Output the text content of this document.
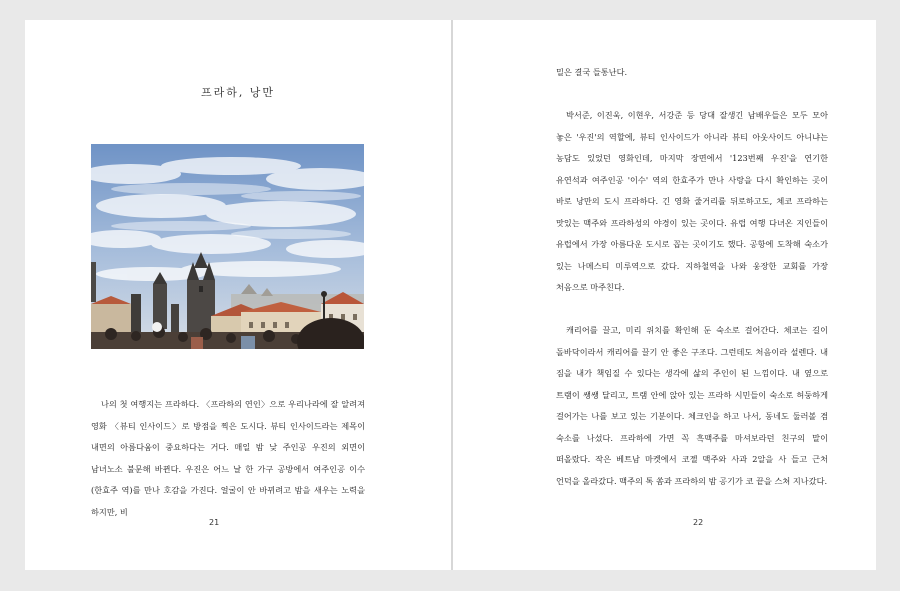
프라하, 낭만

나의 첫 여행지는 프라하다. 〈프라하의 연인〉으로 우리나라에 잘 알려져 영화 〈뷰티 인사이드〉로 방점을 찍은 도시다. 뷰티 인사이드라는 제목이 내면의 아름다움이 중요하다는 거다. 매일 밤 낮 주인공 우진의 외면이 남녀노소 불문해 바뀐다. 우진은 어느 날 한 가구 공방에서 여주인공 이수(한효주 역)를 만나 호감을 가진다. 얼굴이 안 바뀌려고 밤을 새우는 노력을 하지만, 비

21

밀은 결국 들통난다.

박서준, 이진욱, 이현우, 서강준 등 당대 잘생긴 남배우들은 모두 모아 놓은 '우진'의 역할에, 뷰티 인사이드가 아니라 뷰티 아웃사이드 아니냐는 농담도 있었던 영화인데, 마지막 장면에서 '123번째 우진'을 연기한 유연석과 여주인공 '이수' 역의 한효주가 만나 사랑을 다시 확인하는 곳이 바로 낭만의 도시 프라하다. 긴 영화 줄거리를 뒤로하고도, 체코 프라하는 맛있는 맥주와 프라하성의 야경이 있는 곳이다. 유럽 여행 다녀온 지인들이 유럽에서 가장 아름다운 도시로 꼽는 곳이기도 했다. 공항에 도착해 숙소가 있는 나메스티 미루역으로 갔다. 지하철역을 나와 웅장한 교회를 가장 처음으로 마주친다.

캐리어를 끌고, 미리 위치를 확인해 둔 숙소로 걸어간다. 체코는 길이 돌바닥이라서 캐리어를 끌기 안 좋은 구조다. 그런데도 처음이라 설렌다. 내 짐을 내가 책임질 수 있다는 생각에 삶의 주인이 된 느낌이다. 내 옆으로 트램이 쌩쌩 달리고, 트램 안에 앉아 있는 프라하 시민들이 숙소로 허둥하게 걸어가는 나를 보고 있는 기분이다. 체크인을 하고 나서, 동네도 둘러볼 겸 숙소를 나섰다. 프라하에 가면 꼭 흑맥주를 마셔보라던 친구의 말이 떠올랐다. 작은 베트남 마켓에서 코젤 맥주와 사과 2알을 사 들고 근처 언덕을 올라갔다. 맥주의 톡 쏨과 프라하의 밤 공기가 코 끝을 스쳐 지나갔다.

22
